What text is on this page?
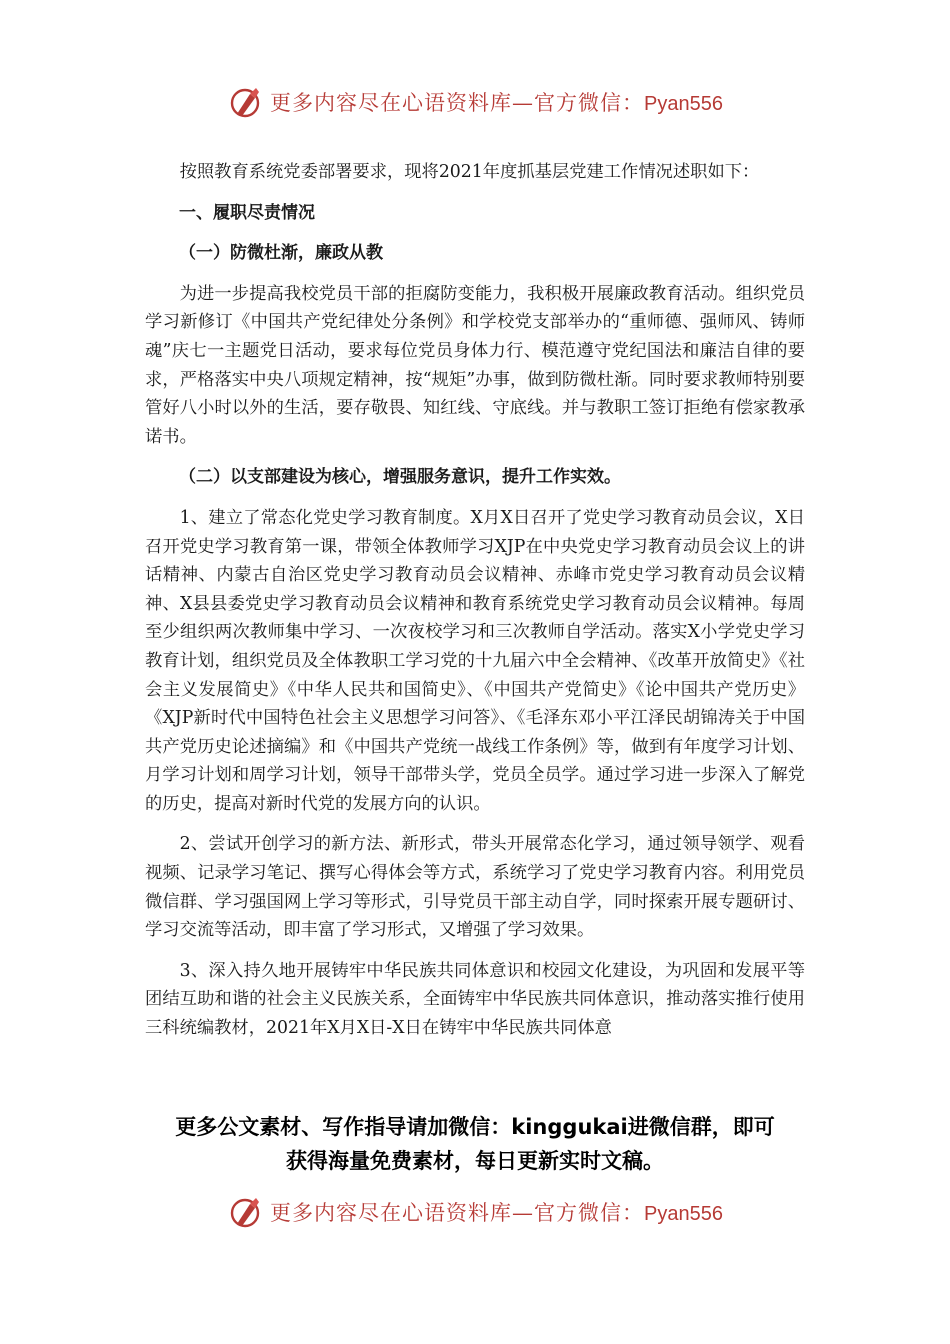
更多内容尽在心语资料库—官方微信：Pyan556

按照教育系统党委部署要求，现将2021年度抓基层党建工作情况述职如下：

一、履职尽责情况

（一）防微杜渐，廉政从教

为进一步提高我校党员干部的拒腐防变能力，我积极开展廉政教育活动。组织党员学习新修订《中国共产党纪律处分条例》和学校党支部举办的“重师德、强师风、铸师魂”庆七一主题党日活动，要求每位党员身体力行、模范遵守党纪国法和廉洁自律的要求，严格落实中央八项规定精神，按“规矩”办事，做到防微杜渐。同时要求教师特别要管好八小时以外的生活，要存敬畏、知红线、守底线。并与教职工签订拒绝有偿家教承诺书。

（二）以支部建设为核心，增强服务意识，提升工作实效。

1、建立了常态化党史学习教育制度。X月X日召开了党史学习教育动员会议，X日召开党史学习教育第一课，带领全体教师学习XJP在中央党史学习教育动员会议上的讲话精神、内蒙古自治区党史学习教育动员会议精神、赤峰市党史学习教育动员会议精神、X县县委党史学习教育动员会议精神和教育系统党史学习教育动员会议精神。每周至少组织两次教师集中学习、一次夜校学习和三次教师自学活动。落实X小学党史学习教育计划，组织党员及全体教职工学习党的十九届六中全会精神、《改革开放简史》《社会主义发展简史》《中华人民共和国简史》、《中国共产党简史》《论中国共产党历史》《XJP新时代中国特色社会主义思想学习问答》、《毛泽东邓小平江泽民胡锦涛关于中国共产党历史论述摘编》和《中国共产党统一战线工作条例》等，做到有年度学习计划、月学习计划和周学习计划，领导干部带头学，党员全员学。通过学习进一步深入了解党的历史，提高对新时代党的发展方向的认识。

2、尝试开创学习的新方法、新形式，带头开展常态化学习，通过领导领学、观看视频、记录学习笔记、撰写心得体会等方式，系统学习了党史学习教育内容。利用党员微信群、学习强国网上学习等形式，引导党员干部主动自学，同时探索开展专题研讨、学习交流等活动，即丰富了学习形式，又增强了学习效果。

3、深入持久地开展铸牢中华民族共同体意识和校园文化建设，为巩固和发展平等团结互助和谐的社会主义民族关系，全面铸牢中华民族共同体意识，推动落实推行使用三科统编教材，2021年X月X日-X日在铸牢中华民族共同体意

更多公文素材、写作指导请加微信：kinggukai进微信群，即可
获得海量免费素材，每日更新实时文稿。
更多内容尽在心语资料库—官方微信：Pyan556
